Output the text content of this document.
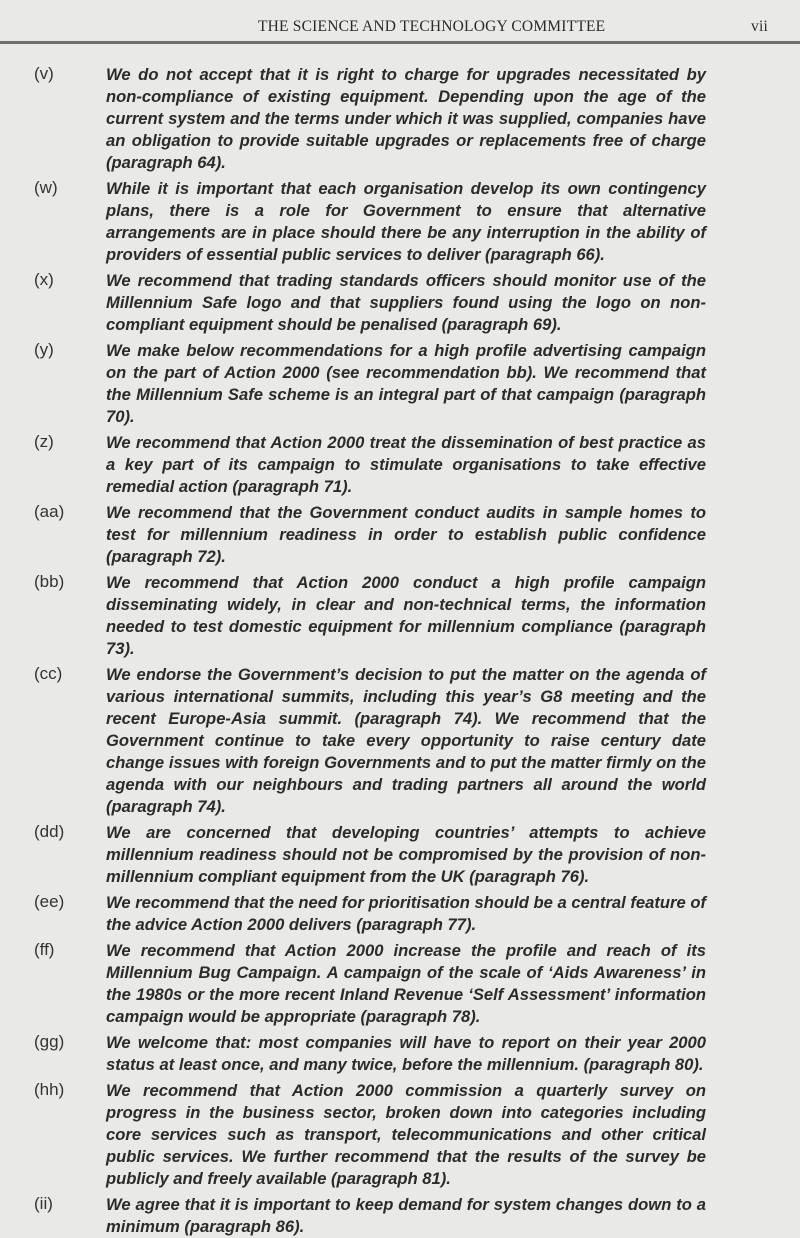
THE SCIENCE AND TECHNOLOGY COMMITTEE	vii
(v)	We do not accept that it is right to charge for upgrades necessitated by non-compliance of existing equipment. Depending upon the age of the current system and the terms under which it was supplied, companies have an obligation to provide suitable upgrades or replacements free of charge (paragraph 64).
(w)	While it is important that each organisation develop its own contingency plans, there is a role for Government to ensure that alternative arrangements are in place should there be any interruption in the ability of providers of essential public services to deliver (paragraph 66).
(x)	We recommend that trading standards officers should monitor use of the Millennium Safe logo and that suppliers found using the logo on non-compliant equipment should be penalised (paragraph 69).
(y)	We make below recommendations for a high profile advertising campaign on the part of Action 2000 (see recommendation bb). We recommend that the Millennium Safe scheme is an integral part of that campaign (paragraph 70).
(z)	We recommend that Action 2000 treat the dissemination of best practice as a key part of its campaign to stimulate organisations to take effective remedial action (paragraph 71).
(aa)	We recommend that the Government conduct audits in sample homes to test for millennium readiness in order to establish public confidence (paragraph 72).
(bb)	We recommend that Action 2000 conduct a high profile campaign disseminating widely, in clear and non-technical terms, the information needed to test domestic equipment for millennium compliance (paragraph 73).
(cc)	We endorse the Government’s decision to put the matter on the agenda of various international summits, including this year’s G8 meeting and the recent Europe-Asia summit. (paragraph 74). We recommend that the Government continue to take every opportunity to raise century date change issues with foreign Governments and to put the matter firmly on the agenda with our neighbours and trading partners all around the world (paragraph 74).
(dd)	We are concerned that developing countries’ attempts to achieve millennium readiness should not be compromised by the provision of non-millennium compliant equipment from the UK (paragraph 76).
(ee)	We recommend that the need for prioritisation should be a central feature of the advice Action 2000 delivers (paragraph 77).
(ff)	We recommend that Action 2000 increase the profile and reach of its Millennium Bug Campaign. A campaign of the scale of ‘Aids Awareness’ in the 1980s or the more recent Inland Revenue ‘Self Assessment’ information campaign would be appropriate (paragraph 78).
(gg)	We welcome that: most companies will have to report on their year 2000 status at least once, and many twice, before the millennium. (paragraph 80).
(hh)	We recommend that Action 2000 commission a quarterly survey on progress in the business sector, broken down into categories including core services such as transport, telecommunications and other critical public services. We further recommend that the results of the survey be publicly and freely available (paragraph 81).
(ii)	We agree that it is important to keep demand for system changes down to a minimum (paragraph 86).
